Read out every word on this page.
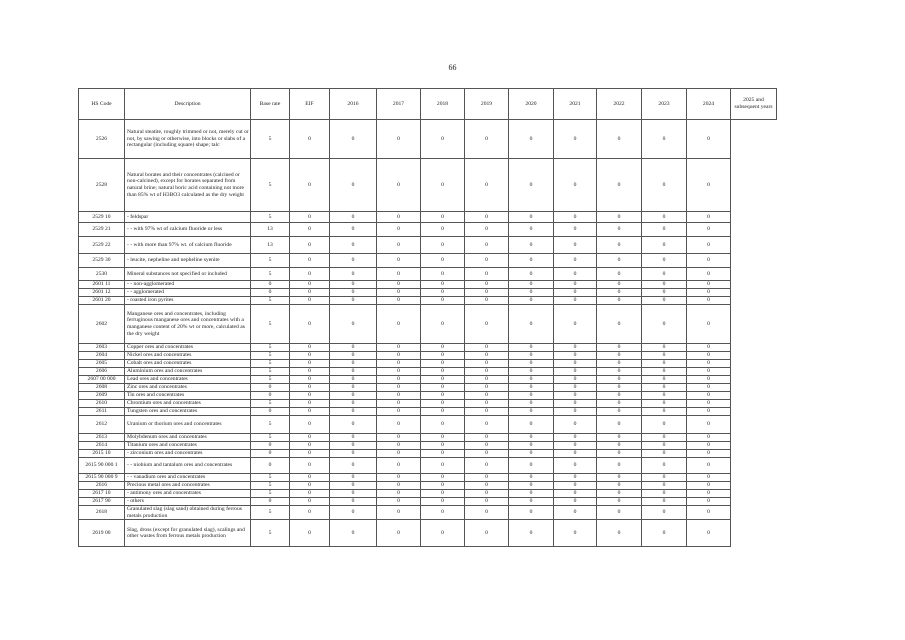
66
HS Code	Description	Base rate	EIF	2016	2017	2018	2019	2020	2021	2022	2023	2024	2025 and subsequent years
2526	Natural steatite, roughly trimmed or not, merely cut or not, by sawing or otherwise, into blocks or slabs of a rectangular (including square) shape; talc	5	0	0	0	0	0	0	0	0	0	0	
2528	Natural borates and their concentrates (calcined or non-calcined), except for borates separated from natural brine; natural boric acid containing not more than 85% wt of H3BO3 calculated as the dry weight	5	0	0	0	0	0	0	0	0	0	0	
2529 10	- feldspar	5	0	0	0	0	0	0	0	0	0	0	
2529 21	- - with 97% wt of calcium fluoride or less	13	0	0	0	0	0	0	0	0	0	0	
2529 22	- - with more than 97% wt. of calcium fluoride	13	0	0	0	0	0	0	0	0	0	0	
2529 30	- leucite, nepheline and nepheline syenite	5	0	0	0	0	0	0	0	0	0	0	
2530	Mineral substances not specified or included	5	0	0	0	0	0	0	0	0	0	0	
2601 11	- - non-agglomerated	0	0	0	0	0	0	0	0	0	0	0	
2601 12	- - agglomerated	0	0	0	0	0	0	0	0	0	0	0	
2601 20	- roasted iron pyrites	5	0	0	0	0	0	0	0	0	0	0	
2602	Manganese ores and concentrates, including ferruginous manganese ores and concentrates with a manganese content of 20% wt or more, calculated as the dry weight	5	0	0	0	0	0	0	0	0	0	0	
2603	Copper ores and concentrates	5	0	0	0	0	0	0	0	0	0	0	
2604	Nickel ores and concentrates	5	0	0	0	0	0	0	0	0	0	0	
2605	Cobalt ores and concentrates	5	0	0	0	0	0	0	0	0	0	0	
2606	Aluminium ores and concentrates	5	0	0	0	0	0	0	0	0	0	0	
2607 00 000	Lead ores and concentrates	5	0	0	0	0	0	0	0	0	0	0	
2608	Zinc ores and concentrates	0	0	0	0	0	0	0	0	0	0	0	
2609	Tin ores and concentrates	0	0	0	0	0	0	0	0	0	0	0	
2610	Chromium ores and concentrates	5	0	0	0	0	0	0	0	0	0	0	
2611	Tungsten ores and concentrates	0	0	0	0	0	0	0	0	0	0	0	
2612	Uranium or thorium ores and concentrates	5	0	0	0	0	0	0	0	0	0	0	
2613	Molybdenum ores and concentrates	5	0	0	0	0	0	0	0	0	0	0	
2614	Titanium ores and concentrates	0	0	0	0	0	0	0	0	0	0	0	
2615 10	- zirconium ores and concentrates	0	0	0	0	0	0	0	0	0	0	0	
2615 90 000 1	- - niobium and tantalum ores and concentrates	0	0	0	0	0	0	0	0	0	0	0	
2615 90 000 9	- - vanadium ores and concentrates	5	0	0	0	0	0	0	0	0	0	0	
2616	Precious metal ores and concentrates	5	0	0	0	0	0	0	0	0	0	0	
2617 10	- antimony ores and concentrates	5	0	0	0	0	0	0	0	0	0	0	
2617 90	- others	0	0	0	0	0	0	0	0	0	0	0	
2618	Granulated slag (slag sand) obtained during ferrous metals production	5	0	0	0	0	0	0	0	0	0	0	
2619 00	Slag, dross (except for granulated slag), scalings and other wastes from ferrous metals production	5	0	0	0	0	0	0	0	0	0	0	
